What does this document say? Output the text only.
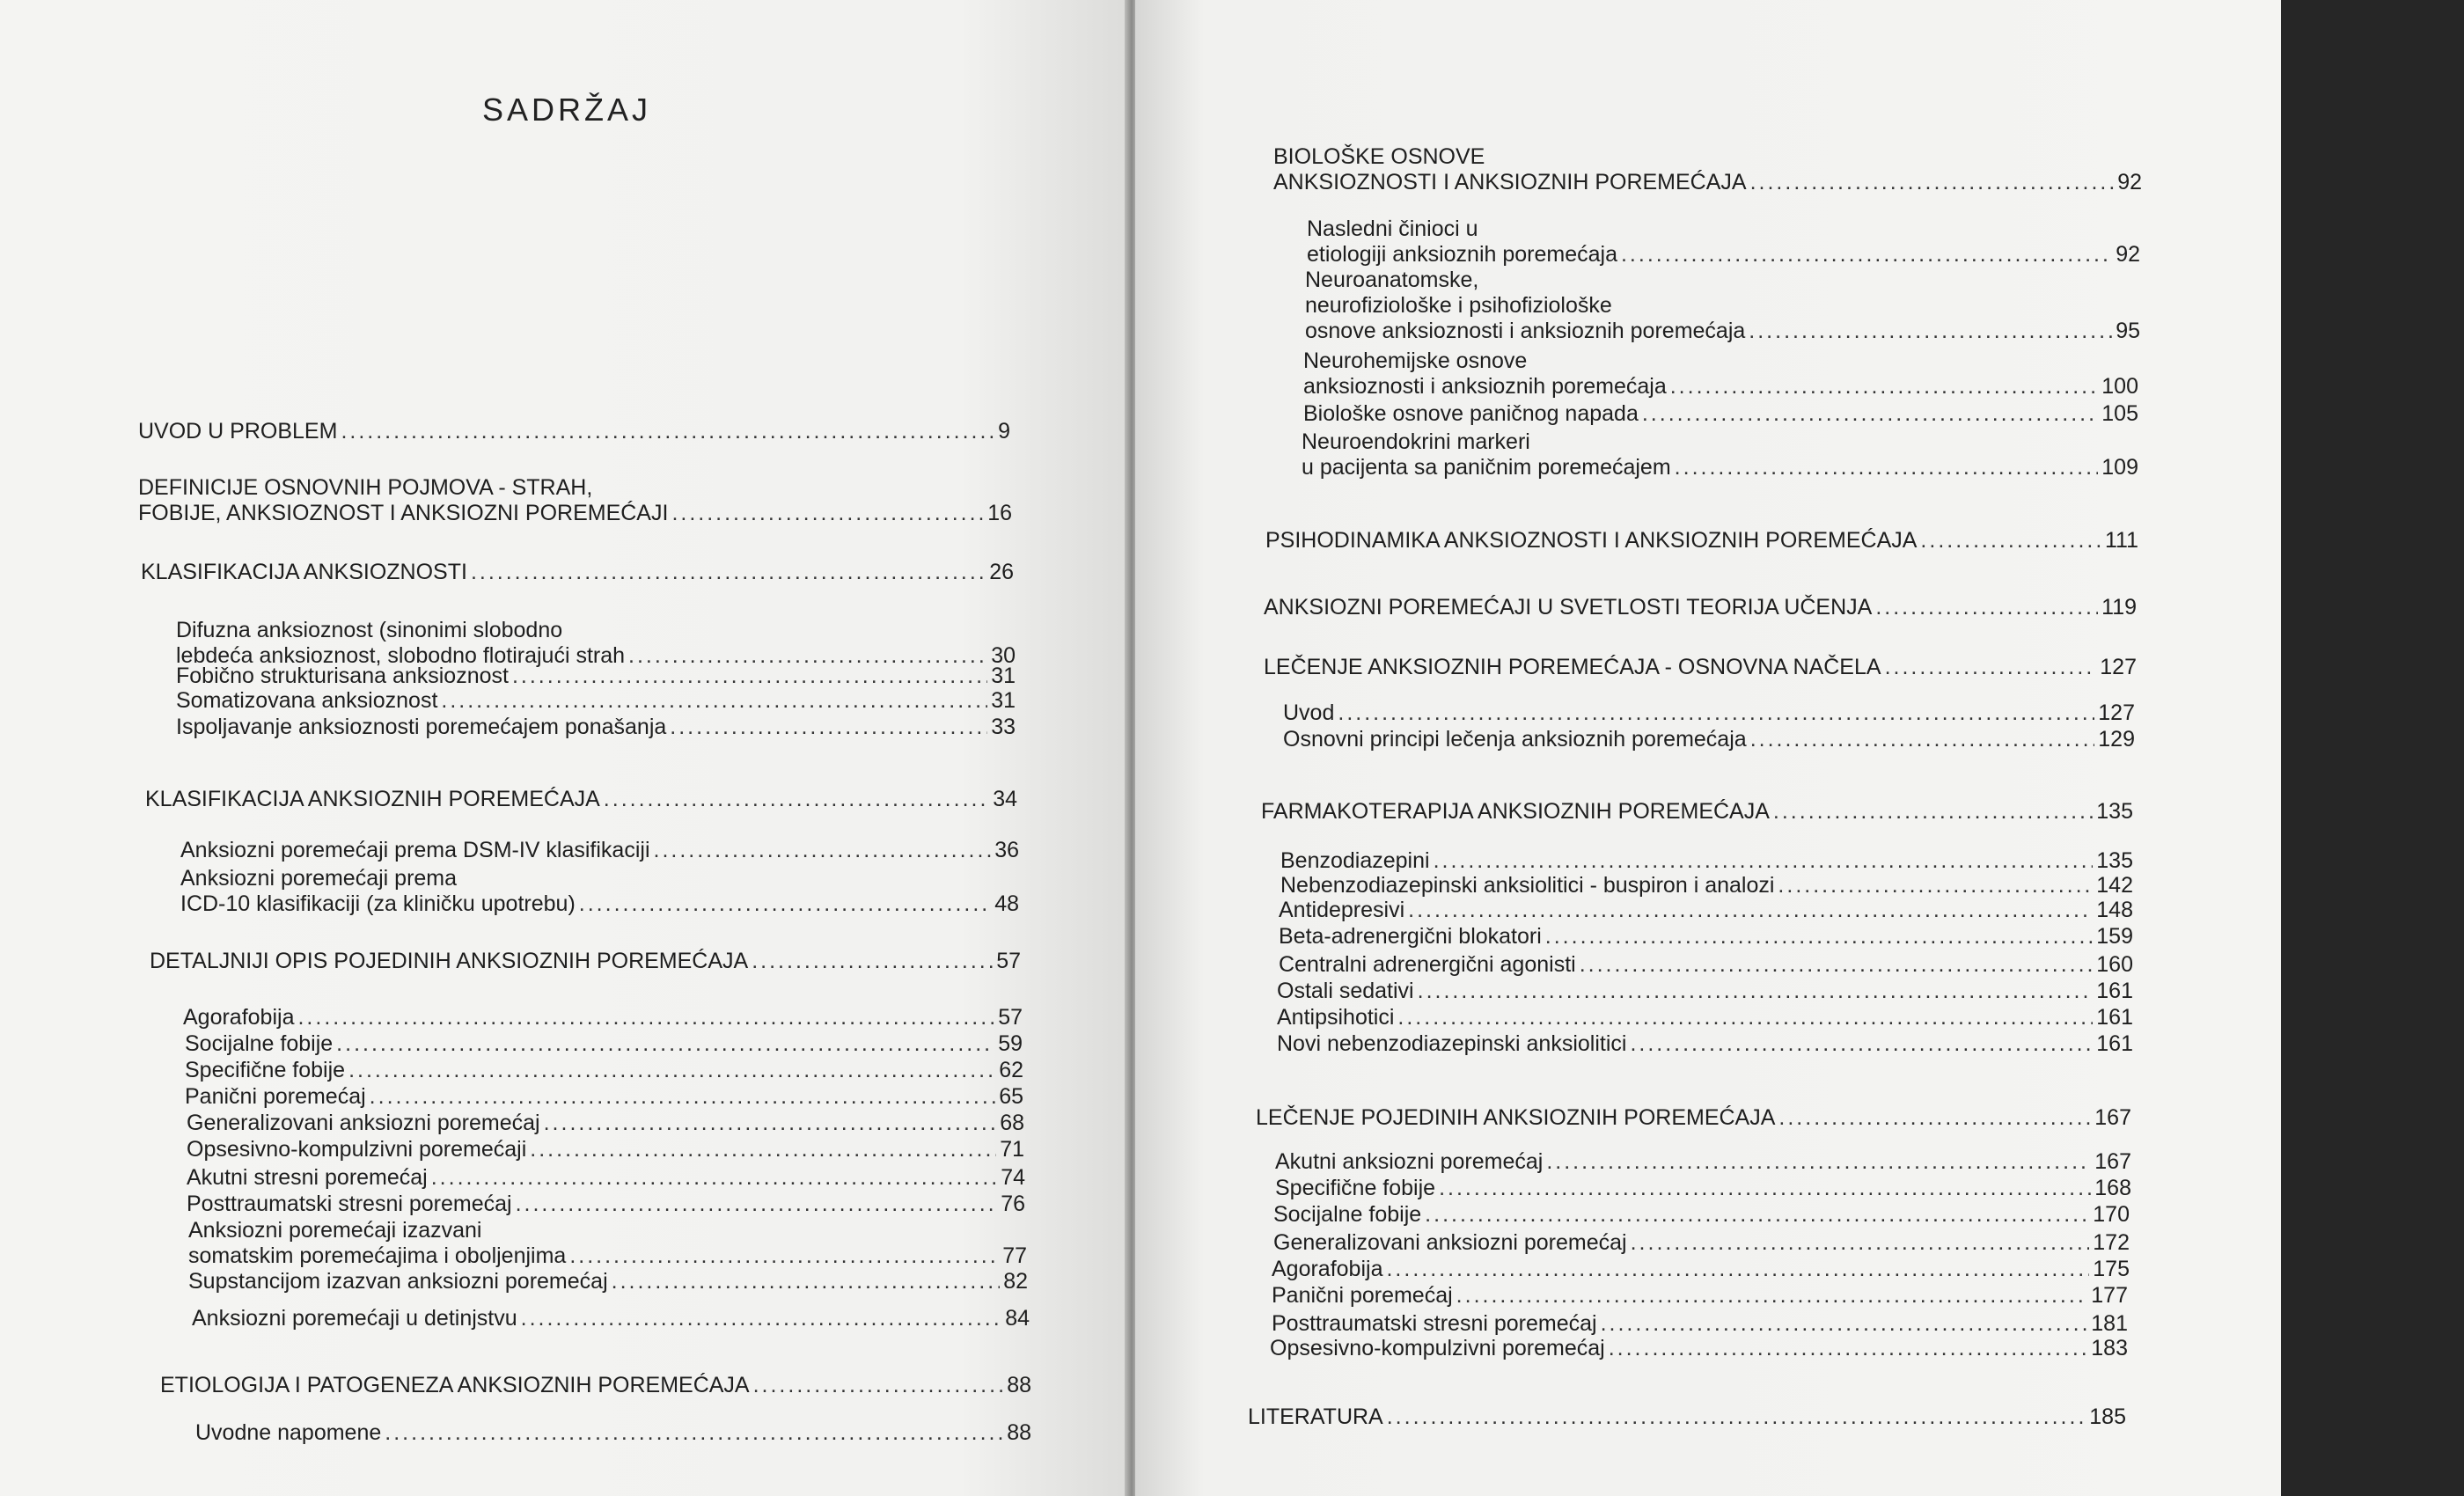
SADRŽAJ
UVOD U PROBLEM .....	9
DEFINICIJE OSNOVNIH POJMOVA - STRAH,
FOBIJE, ANKSIOZNOST I ANKSIOZNI POREMEĆAJI .....	16
KLASIFIKACIJA ANKSIOZNOSTI .....	26
Difuzna anksioznost (sinonimi slobodno
lebdeća anksioznost, slobodno flotirajući strah .....	30
Fobično strukturisana anksioznost .....	31
Somatizovana anksioznost .....	31
Ispoljavanje anksioznosti poremećajem ponašanja .....	33
KLASIFIKACIJA ANKSIOZNIH POREMEĆAJA .....	34
Anksiozni poremećaji prema DSM-IV klasifikaciji .....	36
Anksiozni poremećaji prema
ICD-10 klasifikaciji (za kliničku upotrebu) .....	48
DETALJNIJI OPIS POJEDINIH ANKSIOZNIH POREMEĆAJA .....	57
Agorafobija .....	57
Socijalne fobije .....	59
Specifične fobije .....	62
Panični poremećaj .....	65
Generalizovani anksiozni poremećaj .....	68
Opsesivno-kompulzivni poremećaji .....	71
Akutni stresni poremećaj .....	74
Posttraumatski stresni poremećaj .....	76
Anksiozni poremećaji izazvani
somatskim poremećajima i oboljenjima .....	77
Supstancijom izazvan anksiozni poremećaj .....	82
Anksiozni poremećaji u detinjstvu .....	84
ETIOLOGIJA I PATOGENEZA ANKSIOZNIH POREMEĆAJA .....	88
Uvodne napomene .....	88
BIOLOŠKE OSNOVE
ANKSIOZNOSTI I ANKSIOZNIH POREMEĆAJA .....	92
Naslednі činioci u
etiologiji anksioznih poremećaja .....	92
Neuroanatomske,
neurofiziološke i psihofiziološke
osnove anksioznosti i anksioznih poremećaja .....	95
Neurohemijske osnove
anksioznosti i anksioznih poremećaja .....	100
Biološke osnove paničnog napada .....	105
Neuroendokrini markeri
u pacijenta sa paničnim poremećajem .....	109
PSIHODINAMIKA ANKSIOZNOSTI I ANKSIOZNIH POREMEĆAJA .....	111
ANKSIOZNI POREMEĆAJI U SVETLOSTI TEORIJA UČENJA .....	119
LEČENJE ANKSIOZNIH POREMEĆAJA - OSNOVNA NAČELA .....	127
Uvod .....	127
Osnovni principi lečenja anksioznih poremećaja .....	129
FARMAKOTERAPIJA ANKSIOZNIH POREMEĆAJA .....	135
Benzodiazepini .....	135
Nebenzodiazepinski anksiolitici - buspiron i analozi .....	142
Antidepresivi .....	148
Beta-adrenergični blokatori .....	159
Centralni adrenergični agonisti .....	160
Ostali sedativi .....	161
Antipsihotici .....	161
Novi nebenzodiazepinski anksiolitici .....	161
LEČENJE POJEDINIH ANKSIOZNIH POREMEĆAJA .....	167
Akutni anksiozni poremećaj .....	167
Specifične fobije .....	168
Socijalne fobije .....	170
Generalizovani anksiozni poremećaj .....	172
Agorafobija .....	175
Panični poremećaj .....	177
Posttraumatski stresni poremećaj .....	181
Opsesivno-kompulzivni poremećaj .....	183
LITERATURA .....	185
